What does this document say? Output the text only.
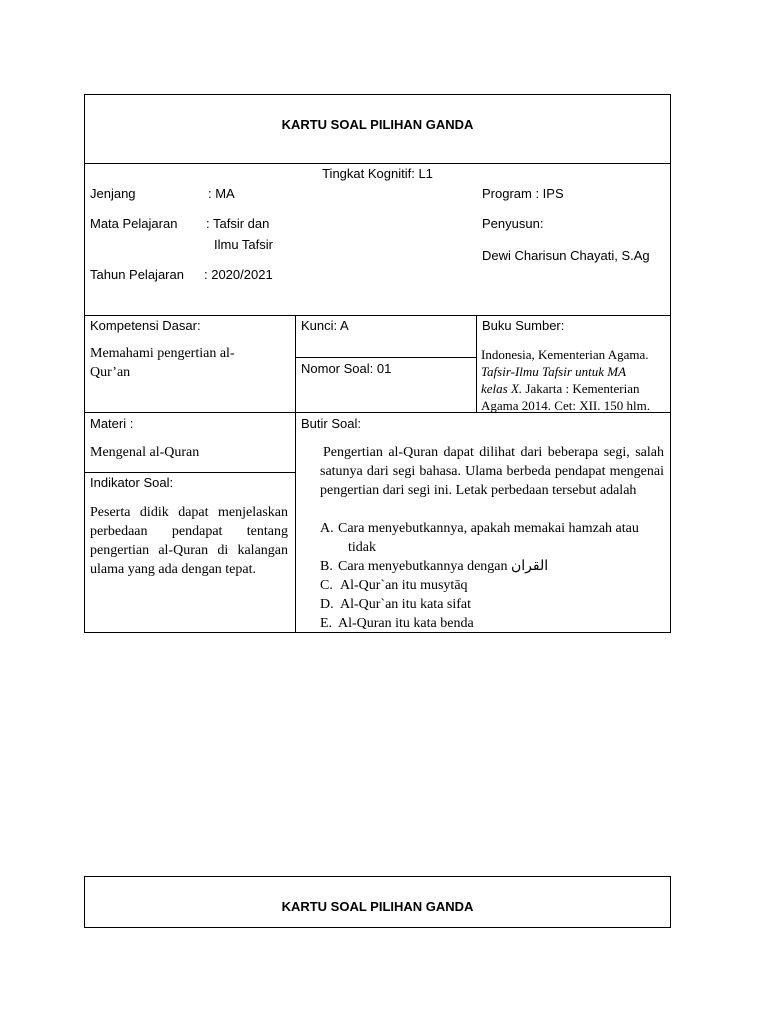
KARTU SOAL PILIHAN GANDA
Tingkat Kognitif: L1
Jenjang	: MA
Mata Pelajaran : Tafsir dan
Ilmu Tafsir
Tahun Pelajaran : 2020/2021
Program : IPS
Penyusun:
Dewi Charisun Chayati, S.Ag
Kompetensi Dasar:
Memahami pengertian al-
Qur’an
Kunci: A
Nomor Soal: 01
Buku Sumber:
Indonesia, Kementerian Agama.
Tafsir-Ilmu Tafsir untuk MA
kelas X. Jakarta : Kementerian
Agama 2014. Cet: XII. 150 hlm.
Materi :
Mengenal al-Quran
Indikator Soal:
Peserta didik dapat menjelaskan perbedaan pendapat tentang pengertian al-Quran di kalangan ulama yang ada dengan tepat.
Butir Soal:
Pengertian al-Quran dapat dilihat dari beberapa segi, salah satunya dari segi bahasa. Ulama berbeda pendapat mengenai pengertian dari segi ini. Letak perbedaan tersebut adalah
A. Cara menyebutkannya, apakah memakai hamzah atau
tidak
B. Cara menyebutkannya dengan القران
C. Al-Qur`an itu musytāq
D. Al-Qur`an itu kata sifat
E. Al-Quran itu kata benda
KARTU SOAL PILIHAN GANDA
